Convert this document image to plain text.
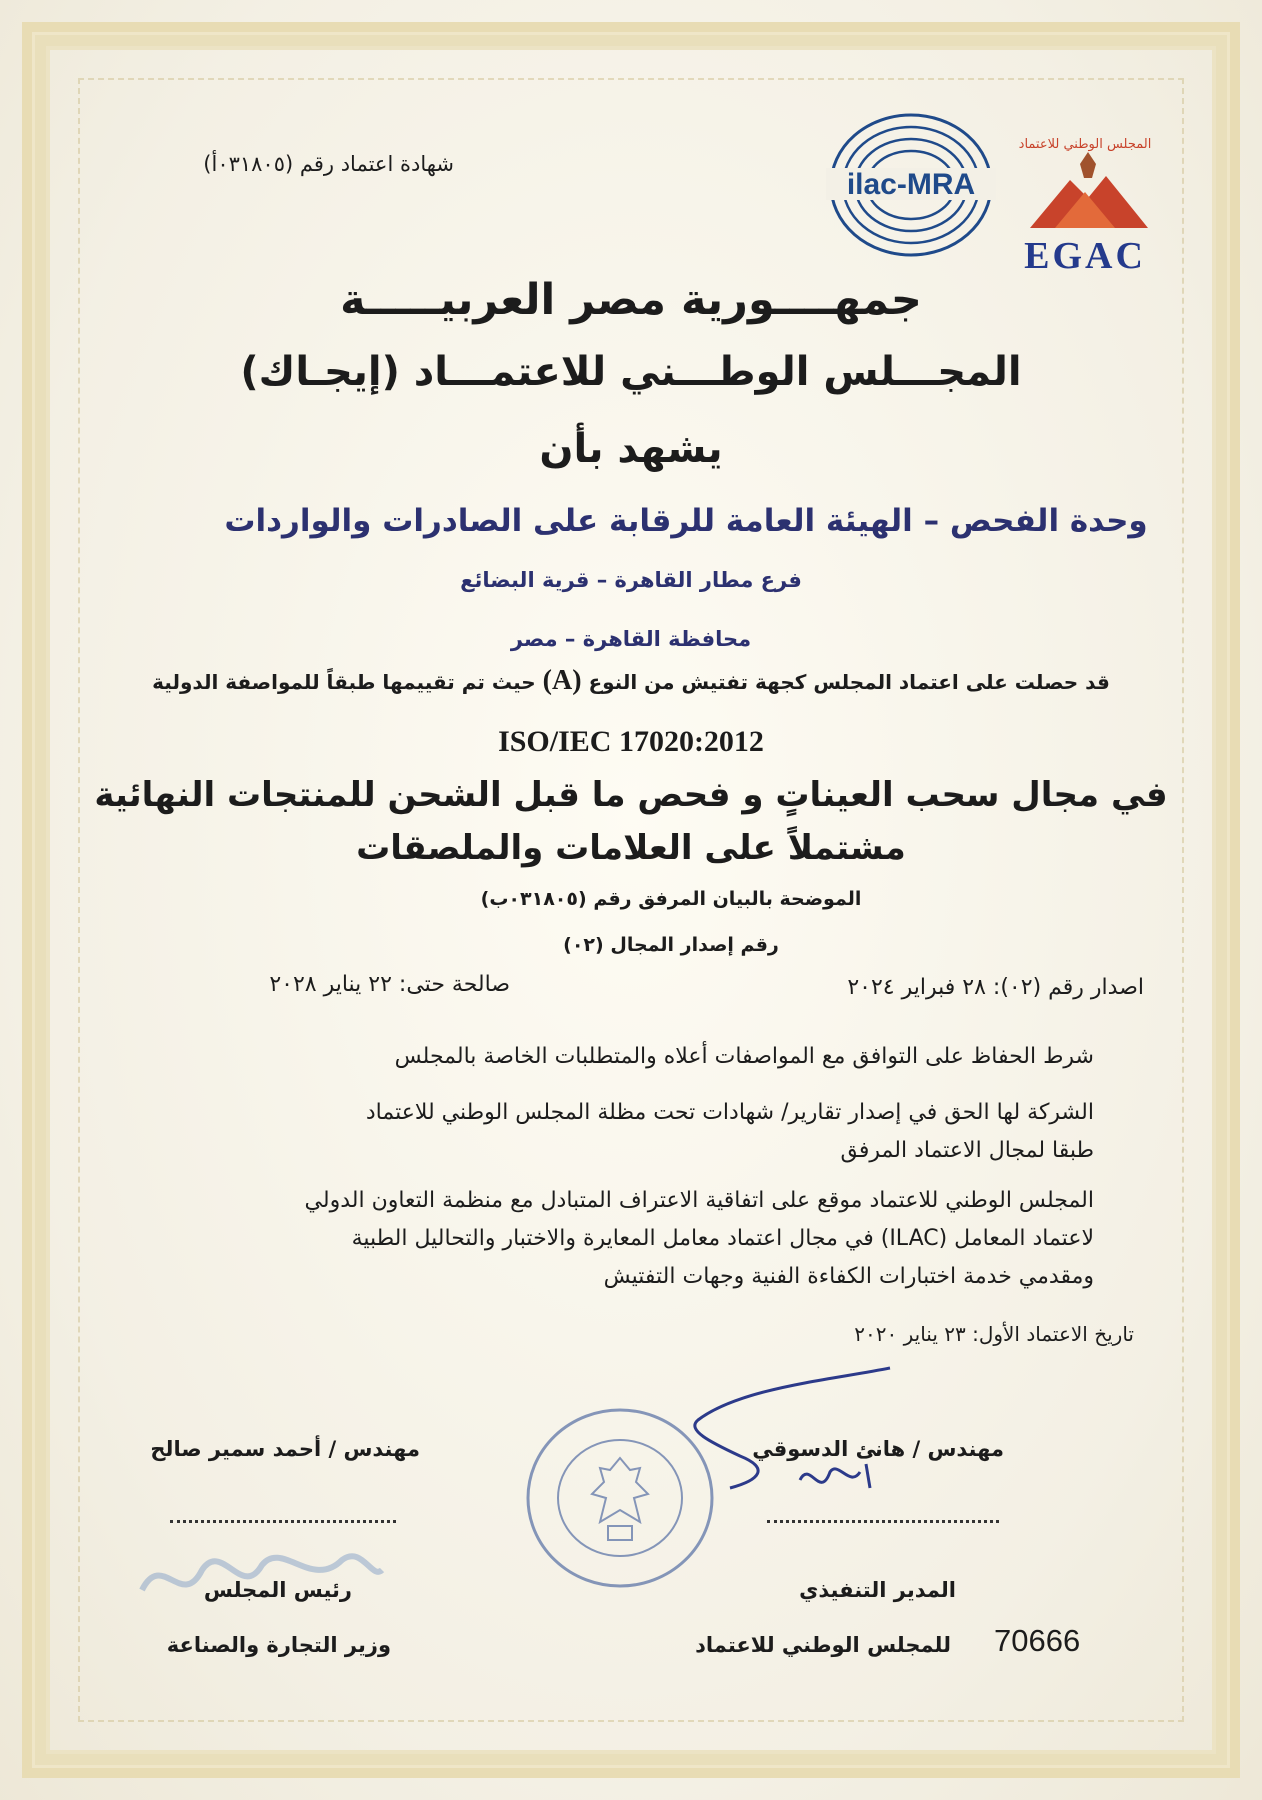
شهادة اعتماد رقم (٠٣١٨٠٥أ)
ilac-MRA
المجلس الوطني للاعتماد
EGAC
جمهــــورية مصر العربيـــــة
المجـــلس الوطـــني للاعتمـــاد (إيجـاك)
يشهد بأن
وحدة الفحص – الهيئة العامة للرقابة على الصادرات والواردات
فرع مطار القاهرة – قرية البضائع
محافظة القاهرة – مصر
قد حصلت على اعتماد المجلس كجهة تفتيش من النوع (A) حيث تم تقييمها طبقاً للمواصفة الدولية
ISO/IEC 17020:2012
في مجال سحب العيناتٍ و فحص ما قبل الشحن للمنتجات النهائية
مشتملاً على العلامات والملصقات
الموضحة بالبيان المرفق رقم (٠٣١٨٠٥ب)
رقم إصدار المجال (٠٢)
اصدار رقم (٠٢): ٢٨ فبراير ٢٠٢٤
صالحة حتى: ٢٢ يناير ٢٠٢٨
شرط الحفاظ على التوافق مع المواصفات أعلاه والمتطلبات الخاصة بالمجلس
الشركة لها الحق في إصدار تقارير/ شهادات تحت مظلة المجلس الوطني للاعتماد
طبقا لمجال الاعتماد المرفق
المجلس الوطني للاعتماد موقع على اتفاقية الاعتراف المتبادل مع منظمة التعاون الدولي
لاعتماد المعامل (ILAC) في مجال اعتماد معامل المعايرة والاختبار والتحاليل الطبية
ومقدمي خدمة اختبارات الكفاءة الفنية وجهات التفتيش
تاريخ الاعتماد الأول: ٢٣ يناير ٢٠٢٠
مهندس / هانئ الدسوقي
مهندس / أحمد سمير صالح
المدير التنفيذي
رئيس المجلس
للمجلس الوطني للاعتماد
وزير التجارة والصناعة	70666
